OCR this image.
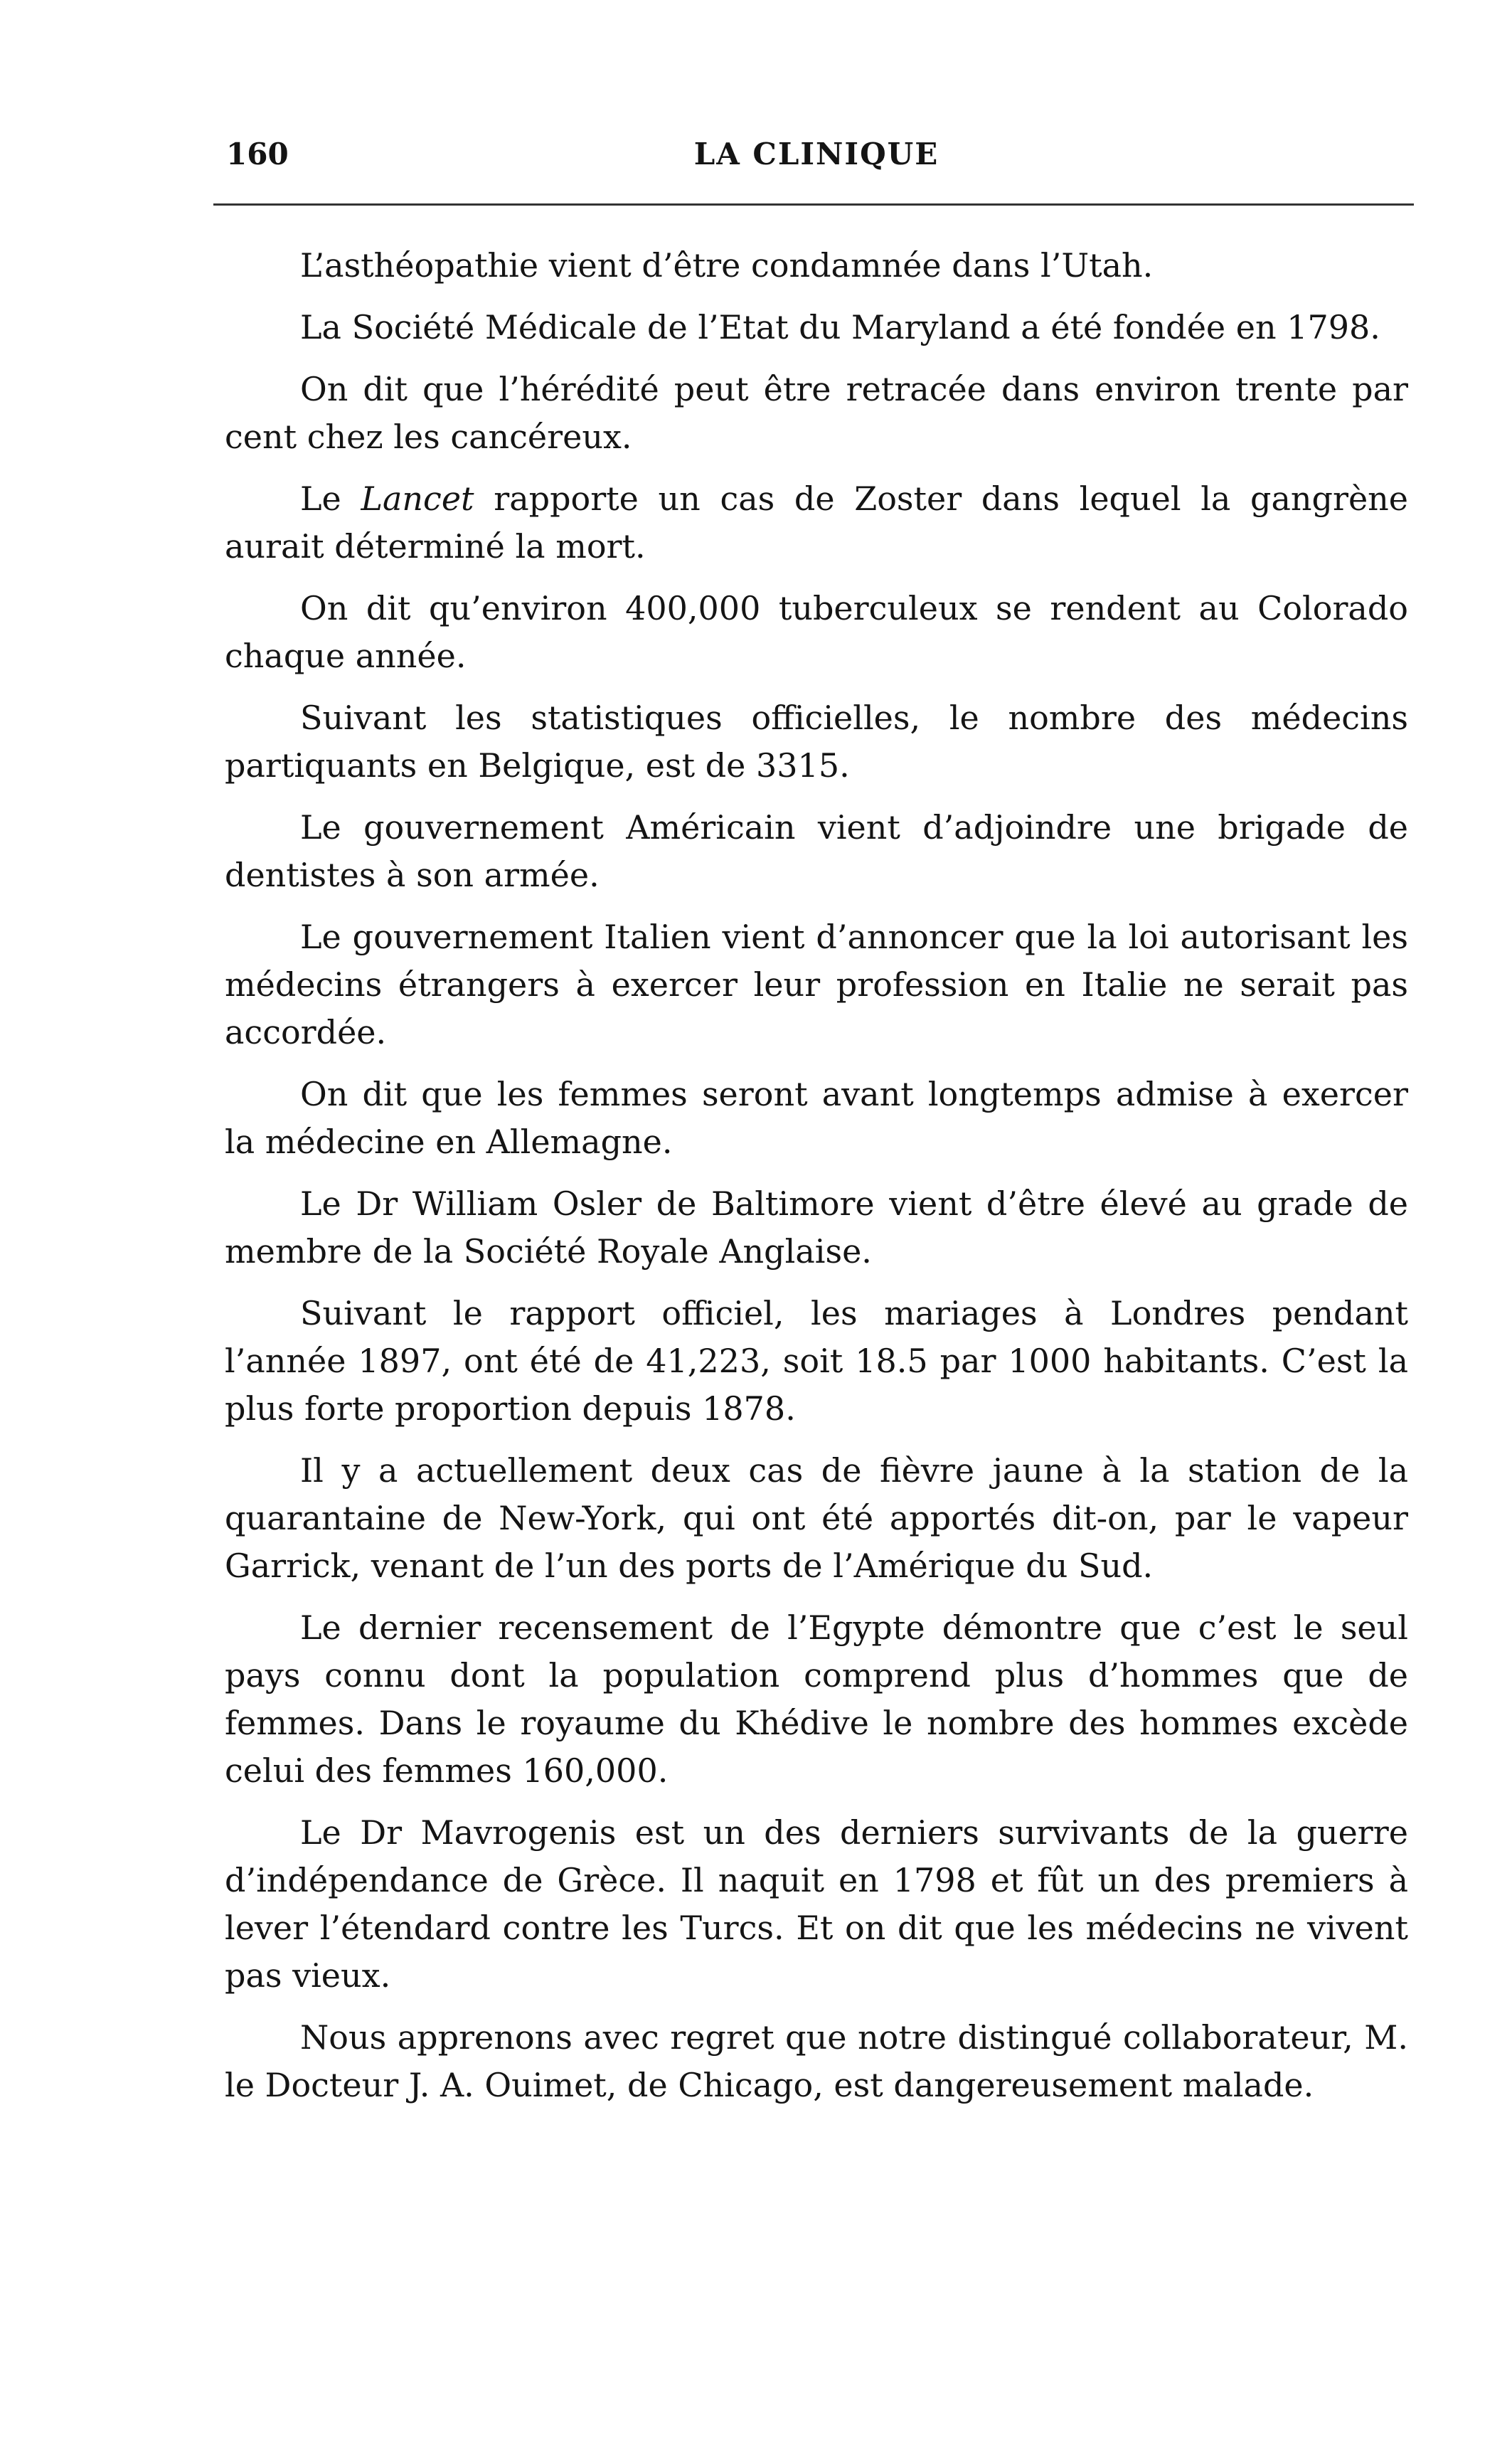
160	LA CLINIQUE

L’asthéopathie vient d’être condamnée dans l’Utah.

La Société Médicale de l’Etat du Maryland a été fondée en 1798.

On dit que l’hérédité peut être retracée dans environ trente par cent chez les cancéreux.

Le Lancet rapporte un cas de Zoster dans lequel la gangrène aurait déterminé la mort.

On dit qu’environ 400,000 tuberculeux se rendent au Colorado chaque année.

Suivant les statistiques officielles, le nombre des médecins partiquants en Belgique, est de 3315.

Le gouvernement Américain vient d’adjoindre une brigade de dentistes à son armée.

Le gouvernement Italien vient d’annoncer que la loi autorisant les médecins étrangers à exercer leur profession en Italie ne serait pas accordée.

On dit que les femmes seront avant longtemps admise à exercer la médecine en Allemagne.

Le Dr William Osler de Baltimore vient d’être élevé au grade de membre de la Société Royale Anglaise.

Suivant le rapport officiel, les mariages à Londres pendant l’année 1897, ont été de 41,223, soit 18.5 par 1000 habitants. C’est la plus forte proportion depuis 1878.

Il y a actuellement deux cas de fièvre jaune à la station de la quarantaine de New-York, qui ont été apportés dit-on, par le vapeur Garrick, venant de l’un des ports de l’Amérique du Sud.

Le dernier recensement de l’Egypte démontre que c’est le seul pays connu dont la population comprend plus d’hommes que de femmes. Dans le royaume du Khédive le nombre des hommes excède celui des femmes 160,000.

Le Dr Mavrogenis est un des derniers survivants de la guerre d’indépendance de Grèce. Il naquit en 1798 et fût un des premiers à lever l’étendard contre les Turcs. Et on dit que les médecins ne vivent pas vieux.

Nous apprenons avec regret que notre distingué collaborateur, M. le Docteur J. A. Ouimet, de Chicago, est dangereusement malade.
